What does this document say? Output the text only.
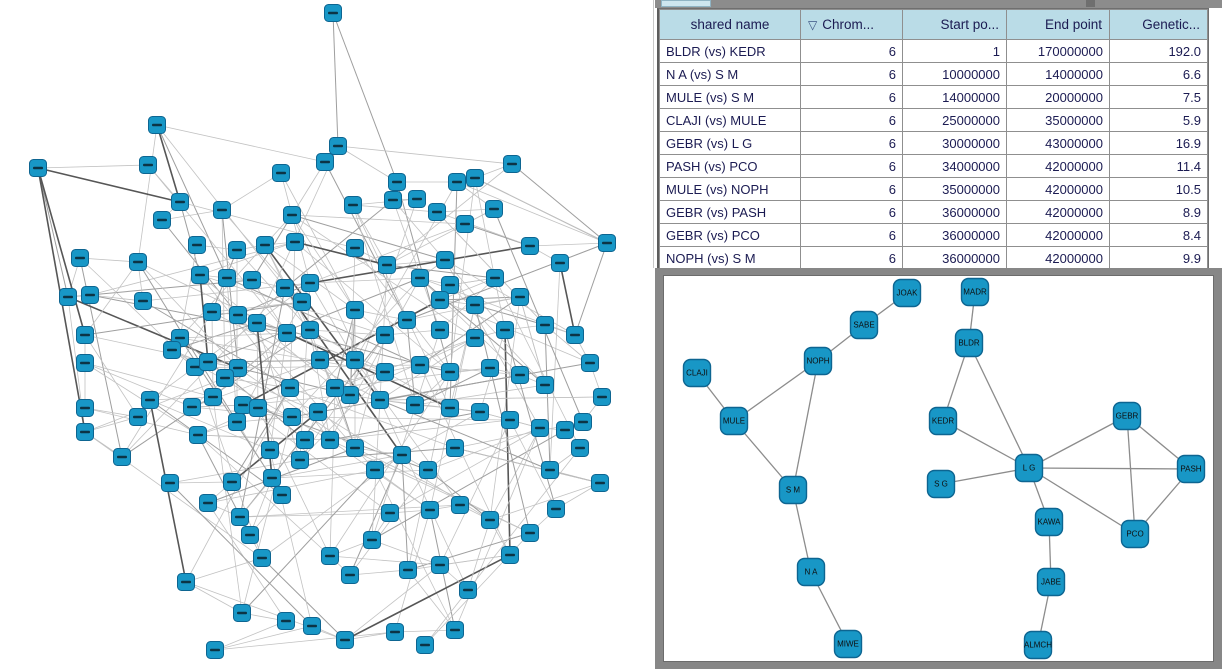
shared name	▽ Chrom...	Start po...	End point	Genetic...
BLDR (vs) KEDR	6	1	170000000	192.0
N A (vs) S M	6	10000000	14000000	6.6
MULE (vs) S M	6	14000000	20000000	7.5
CLAJI (vs) MULE	6	25000000	35000000	5.9
GEBR (vs) L G	6	30000000	43000000	16.9
PASH (vs) PCO	6	34000000	42000000	11.4
MULE (vs) NOPH	6	35000000	42000000	10.5
GEBR (vs) PASH	6	36000000	42000000	8.9
GEBR (vs) PCO	6	36000000	42000000	8.4
NOPH (vs) S M	6	36000000	42000000	9.9
JOAK
SABE
NOPH
CLAJI
MULE
S M
N A
MIWE
MADR
BLDR
KEDR
S G
L G
GEBR
PASH
KAWA
PCO
JABE
ALMCH
